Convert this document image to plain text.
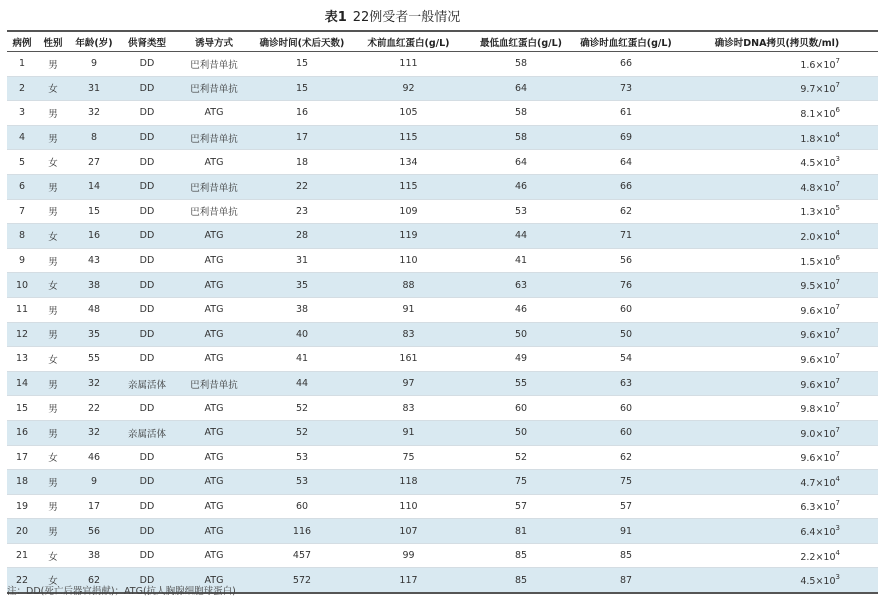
表1 22例受者一般情况
病例	性别	年龄(岁)	供肾类型	诱导方式	确诊时间(术后天数)	术前血红蛋白(g/L)	最低血红蛋白(g/L)	确诊时血红蛋白(g/L)	确诊时DNA拷贝(拷贝数/ml)
1	男	9	DD	巴利昔单抗	15	111	58	66	$1.6\times 10^7$
2	女	31	DD	巴利昔单抗	15	92	64	73	$9.7\times 10^7$
3	男	32	DD	ATG	16	105	58	61	$8.1\times 10^6$
4	男	8	DD	巴利昔单抗	17	115	58	69	$1.8\times 10^4$
5	女	27	DD	ATG	18	134	64	64	$4.5\times 10^3$
6	男	14	DD	巴利昔单抗	22	115	46	66	$4.8\times 10^7$
7	男	15	DD	巴利昔单抗	23	109	53	62	$1.3\times 10^5$
8	女	16	DD	ATG	28	119	44	71	$2.0\times 10^4$
9	男	43	DD	ATG	31	110	41	56	$1.5\times 10^6$
10	女	38	DD	ATG	35	88	63	76	$9.5\times 10^7$
11	男	48	DD	ATG	38	91	46	60	$9.6\times 10^7$
12	男	35	DD	ATG	40	83	50	50	$9.6\times 10^7$
13	女	55	DD	ATG	41	161	49	54	$9.6\times 10^7$
14	男	32	亲属活体	巴利昔单抗	44	97	55	63	$9.6\times 10^7$
15	男	22	DD	ATG	52	83	60	60	$9.8\times 10^7$
16	男	32	亲属活体	ATG	52	91	50	60	$9.0\times 10^7$
17	女	46	DD	ATG	53	75	52	62	$9.6\times 10^7$
18	男	9	DD	ATG	53	118	75	75	$4.7\times 10^4$
19	男	17	DD	ATG	60	110	57	57	$6.3\times 10^7$
20	男	56	DD	ATG	116	107	81	91	$6.4\times 10^3$
21	女	38	DD	ATG	457	99	85	85	$2.2\times 10^4$
22	女	62	DD	ATG	572	117	85	87	$4.5\times 10^3$
注：DD(死亡后器官捐献)；ATG(抗人胸腺细胞球蛋白)
